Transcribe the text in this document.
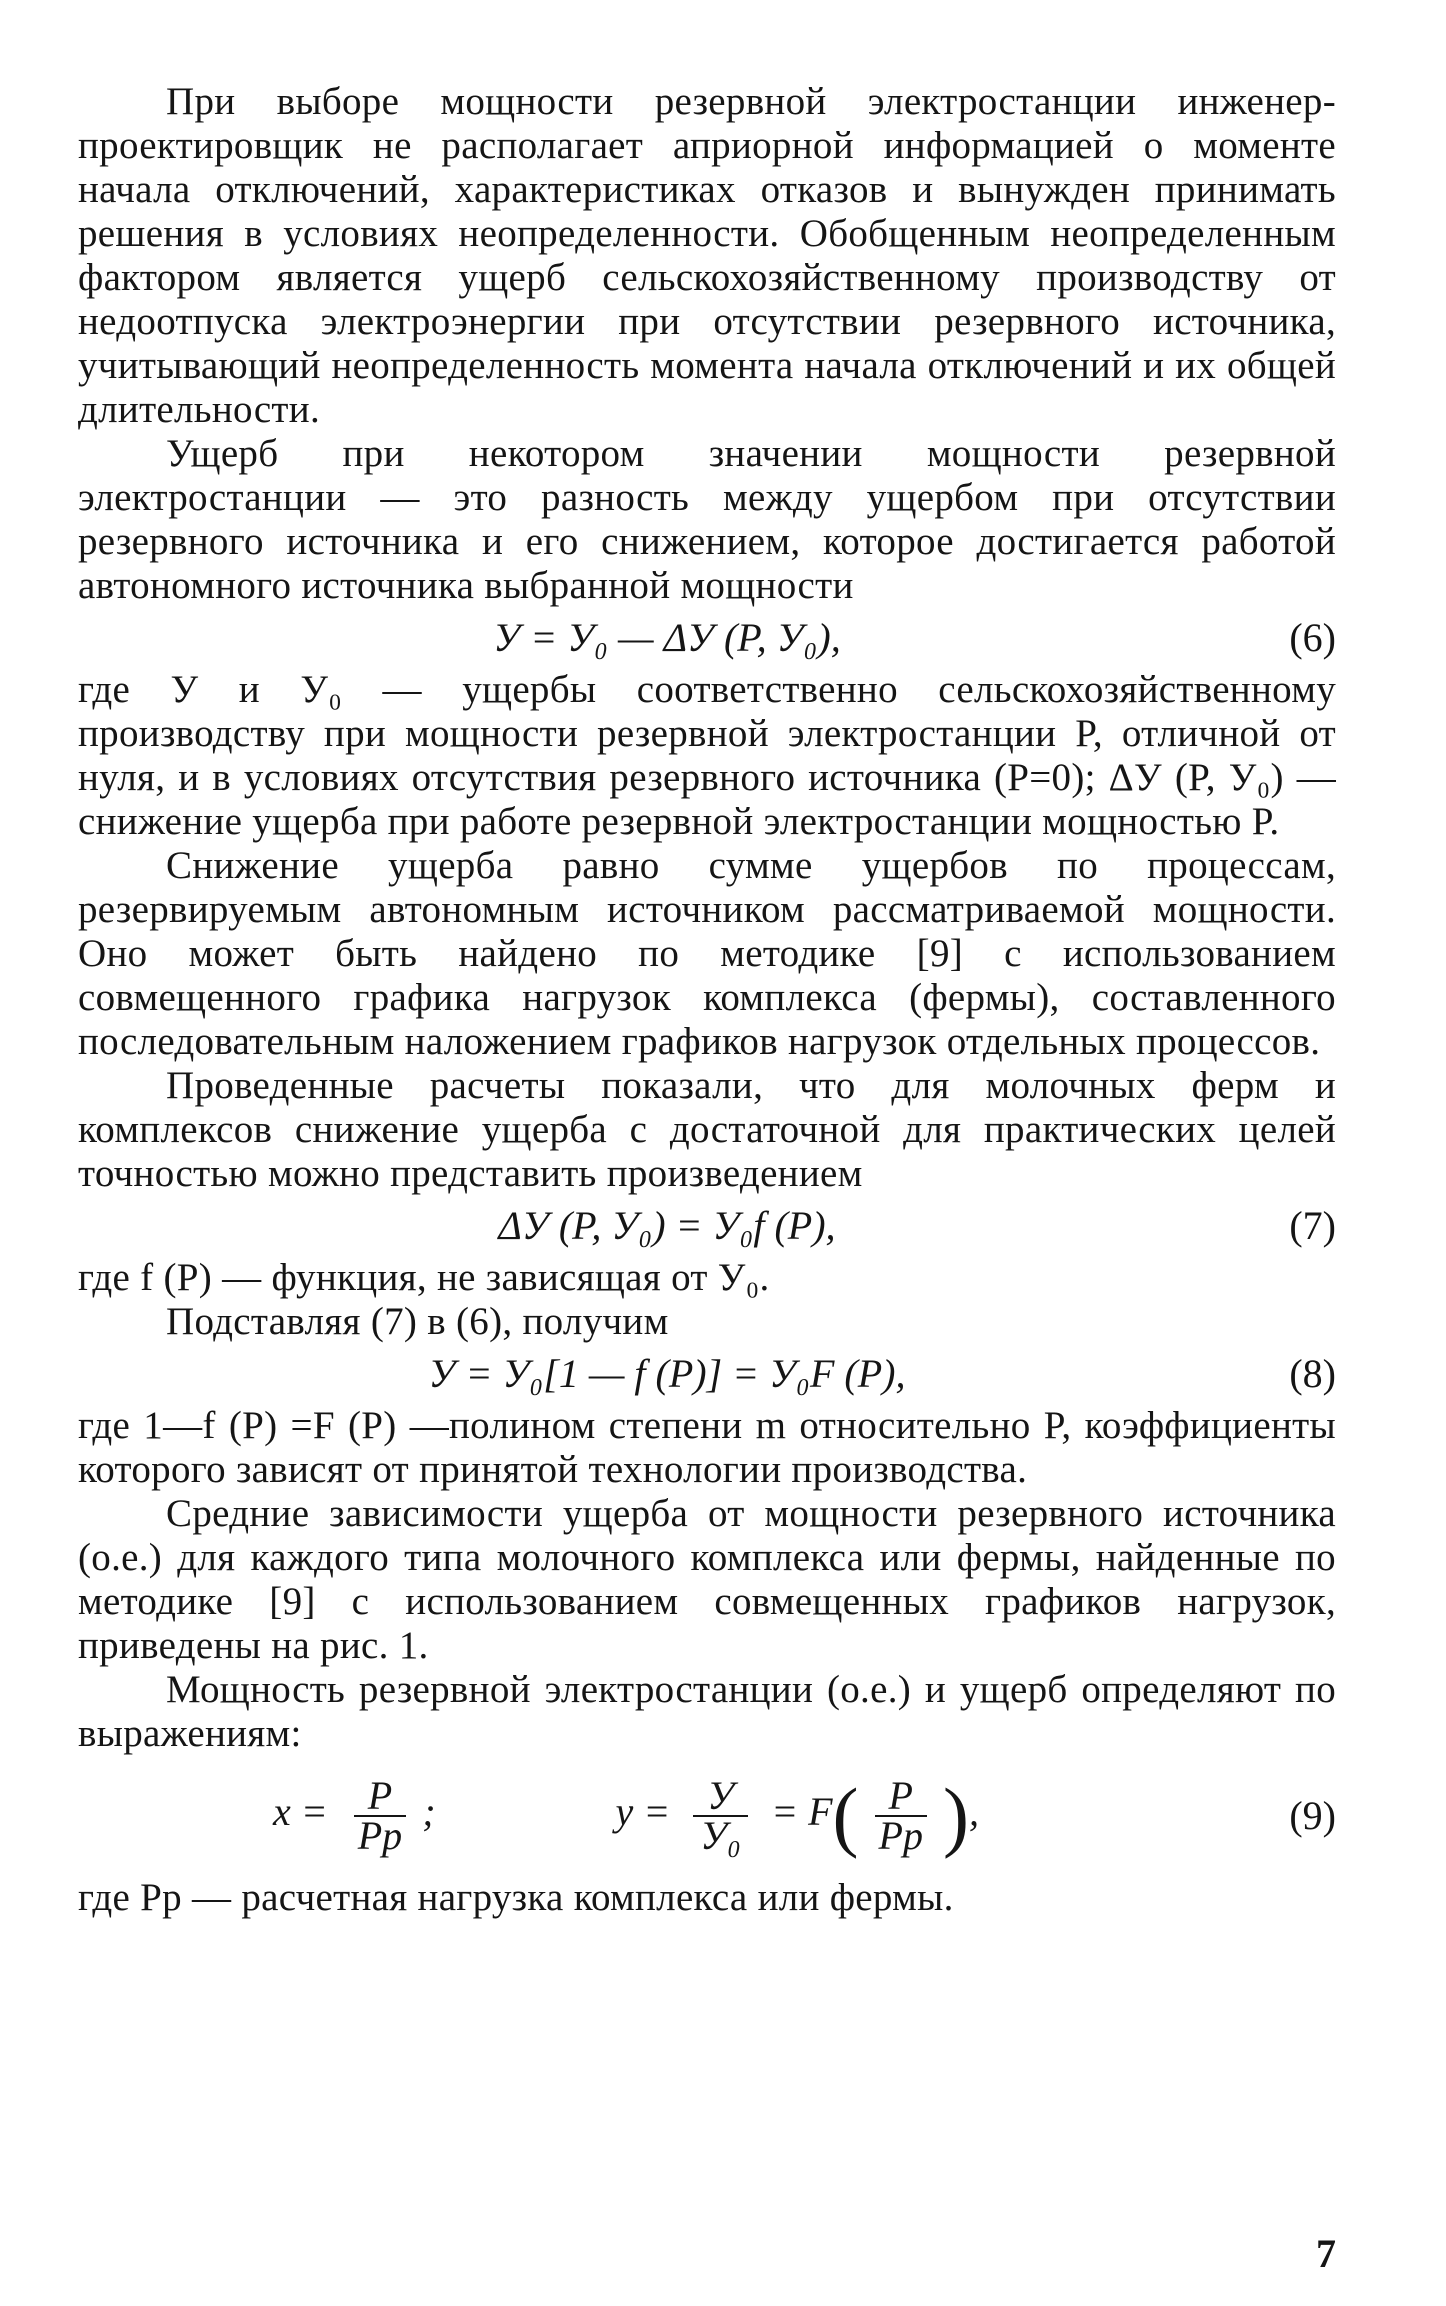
При выборе мощности резервной электростанции инженер-проектировщик не располагает априорной информацией о моменте начала отключений, характеристиках отказов и вынужден принимать решения в условиях неопределенности. Обобщенным неопределенным фактором является ущерб сельскохозяйственному производству от недоотпуска электроэнергии при отсутствии резервного источника, учитывающий неопределенность момента начала отключений и их общей длительности.

Ущерб при некотором значении мощности резервной электростанции — это разность между ущербом при отсутствии резервного источника и его снижением, которое достигается работой автономного источника выбранной мощности

У = У₀ — ΔУ (P, У₀),	(6)

где У и У₀ — ущербы соответственно сельскохозяйственному производству при мощности резервной электростанции P, отличной от нуля, и в условиях отсутствия резервного источника (P=0); ΔУ (P, У₀) — снижение ущерба при работе резервной электростанции мощностью P.

Снижение ущерба равно сумме ущербов по процессам, резервируемым автономным источником рассматриваемой мощности. Оно может быть найдено по методике [9] с использованием совмещенного графика нагрузок комплекса (фермы), составленного последовательным наложением графиков нагрузок отдельных процессов.

Проведенные расчеты показали, что для молочных ферм и комплексов снижение ущерба с достаточной для практических целей точностью можно представить произведением

ΔУ (P, У₀) = У₀f (P),	(7)

где f (P) — функция, не зависящая от У₀.

Подставляя (7) в (6), получим

У = У₀[1 — f (P)] = У₀F (P),	(8)

где 1—f (P) =F (P) —полином степени m относительно P, коэффициенты которого зависят от принятой технологии производства.

Средние зависимости ущерба от мощности резервного источника (о.е.) для каждого типа молочного комплекса или фермы, найденные по методике [9] с использованием совмещенных графиков нагрузок, приведены на рис. 1.

Мощность резервной электростанции (о.е.) и ущерб определяют по выражениям:

$x = \frac{P}{Pр}$ ;	$y = \frac{У}{\text{У₀}} = F( \frac{P}{Pр}$ ),	(9)

где Pр — расчетная нагрузка комплекса или фермы.

7
